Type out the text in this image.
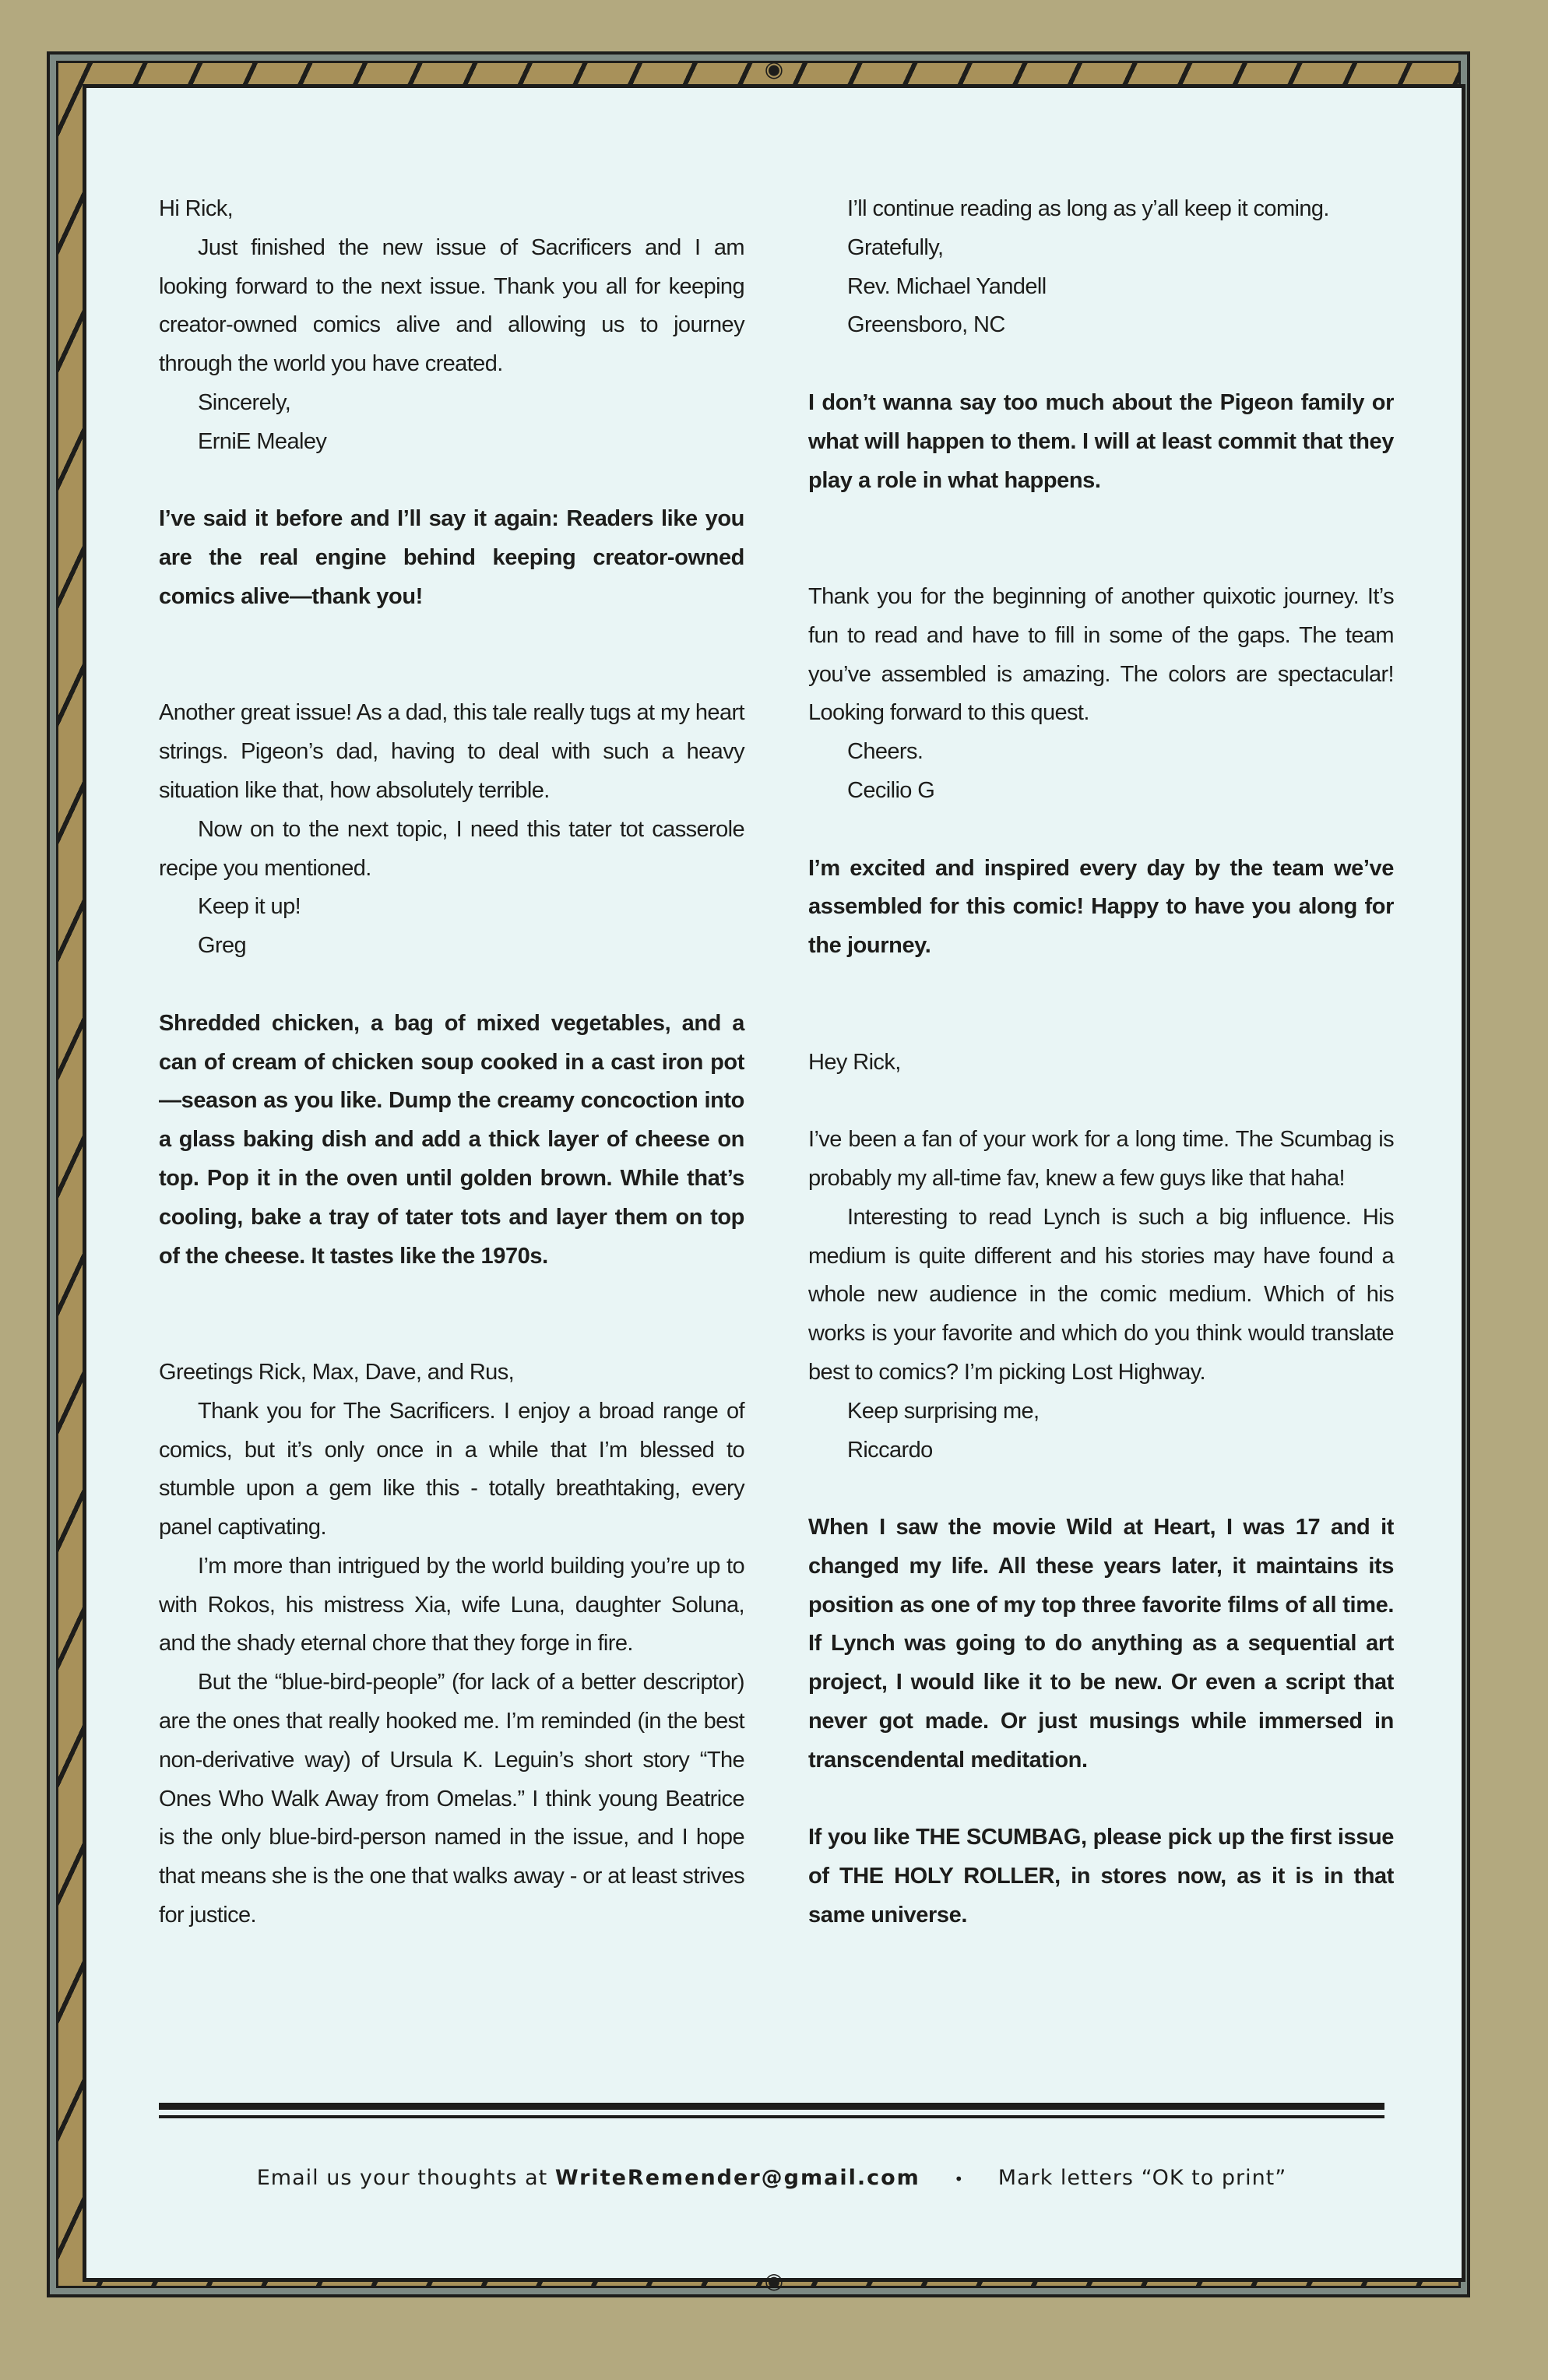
◉
◉

Hi Rick,

Just finished the new issue of Sacrificers and I am looking forward to the next issue. Thank you all for keeping creator-owned comics alive and allowing us to journey through the world you have created.

Sincerely,

ErniE Mealey

I’ve said it before and I’ll say it again: Readers like you are the real engine behind keeping creator-owned comics alive—thank you!

Another great issue! As a dad, this tale really tugs at my heart strings. Pigeon’s dad, having to deal with such a heavy situation like that, how absolutely terrible.

Now on to the next topic, I need this tater tot casserole recipe you mentioned.

Keep it up!

Greg

Shredded chicken, a bag of mixed vegetables, and a can of cream of chicken soup cooked in a cast iron pot—season as you like. Dump the creamy concoction into a glass baking dish and add a thick layer of cheese on top. Pop it in the oven until golden brown. While that’s cooling, bake a tray of tater tots and layer them on top of the cheese. It tastes like the 1970s.

Greetings Rick, Max, Dave, and Rus,

Thank you for The Sacrificers. I enjoy a broad range of comics, but it’s only once in a while that I’m blessed to stumble upon a gem like this - totally breathtaking, every panel captivating.

I’m more than intrigued by the world building you’re up to with Rokos, his mistress Xia, wife Luna, daughter Soluna, and the shady eternal chore that they forge in fire.

But the “blue-bird-people” (for lack of a better descriptor) are the ones that really hooked me. I’m reminded (in the best non-derivative way) of Ursula K. Leguin’s short story “The Ones Who Walk Away from Omelas.” I think young Beatrice is the only blue-bird-person named in the issue, and I hope that means she is the one that walks away - or at least strives for justice.

I’ll continue reading as long as y’all keep it coming.

Gratefully,

Rev. Michael Yandell

Greensboro, NC

I don’t wanna say too much about the Pigeon family or what will happen to them. I will at least commit that they play a role in what happens.

Thank you for the beginning of another quixotic journey. It’s fun to read and have to fill in some of the gaps. The team you’ve assembled is amazing. The colors are spectacular! Looking forward to this quest.

Cheers.

Cecilio G

I’m excited and inspired every day by the team we’ve assembled for this comic! Happy to have you along for the journey.

Hey Rick,

I’ve been a fan of your work for a long time. The Scumbag is probably my all-time fav, knew a few guys like that haha!

Interesting to read Lynch is such a big influence. His medium is quite different and his stories may have found a whole new audience in the comic medium. Which of his works is your favorite and which do you think would translate best to comics? I’m picking Lost Highway.

Keep surprising me,

Riccardo

When I saw the movie Wild at Heart, I was 17 and it changed my life. All these years later, it maintains its position as one of my top three favorite films of all time. If Lynch was going to do anything as a sequential art project, I would like it to be new. Or even a script that never got made. Or just musings while immersed in transcendental meditation.

If you like THE SCUMBAG, please pick up the first issue of THE HOLY ROLLER, in stores now, as it is in that same universe.

Email us your thoughts at WriteRemender@gmail.com • Mark letters “OK to print”
